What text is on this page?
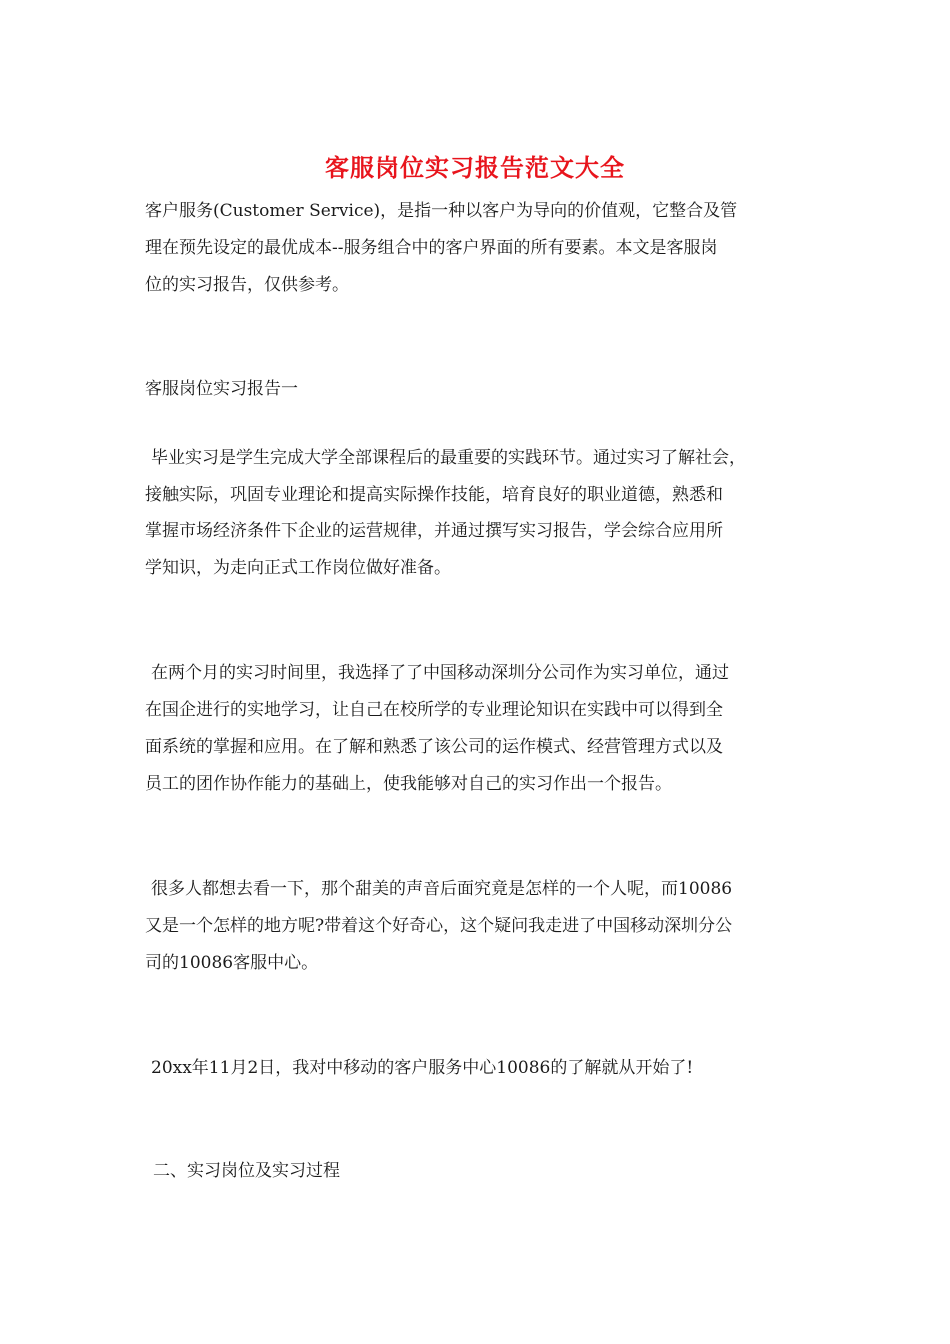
客服岗位实习报告范文大全
客户服务(Customer Service)，是指一种以客户为导向的价值观，它整合及管
理在预先设定的最优成本--服务组合中的客户界面的所有要素。本文是客服岗
位的实习报告，仅供参考。
客服岗位实习报告一
毕业实习是学生完成大学全部课程后的最重要的实践环节。通过实习了解社会，
接触实际，巩固专业理论和提高实际操作技能，培育良好的职业道德，熟悉和
掌握市场经济条件下企业的运营规律，并通过撰写实习报告，学会综合应用所
学知识，为走向正式工作岗位做好准备。
在两个月的实习时间里，我选择了了中国移动深圳分公司作为实习单位，通过
在国企进行的实地学习，让自己在校所学的专业理论知识在实践中可以得到全
面系统的掌握和应用。在了解和熟悉了该公司的运作模式、经营管理方式以及
员工的团作协作能力的基础上，使我能够对自己的实习作出一个报告。
很多人都想去看一下，那个甜美的声音后面究竟是怎样的一个人呢，而10086
又是一个怎样的地方呢?带着这个好奇心，这个疑问我走进了中国移动深圳分公
司的10086客服中心。
20xx年11月2日，我对中移动的客户服务中心10086的了解就从开始了!
二、实习岗位及实习过程
